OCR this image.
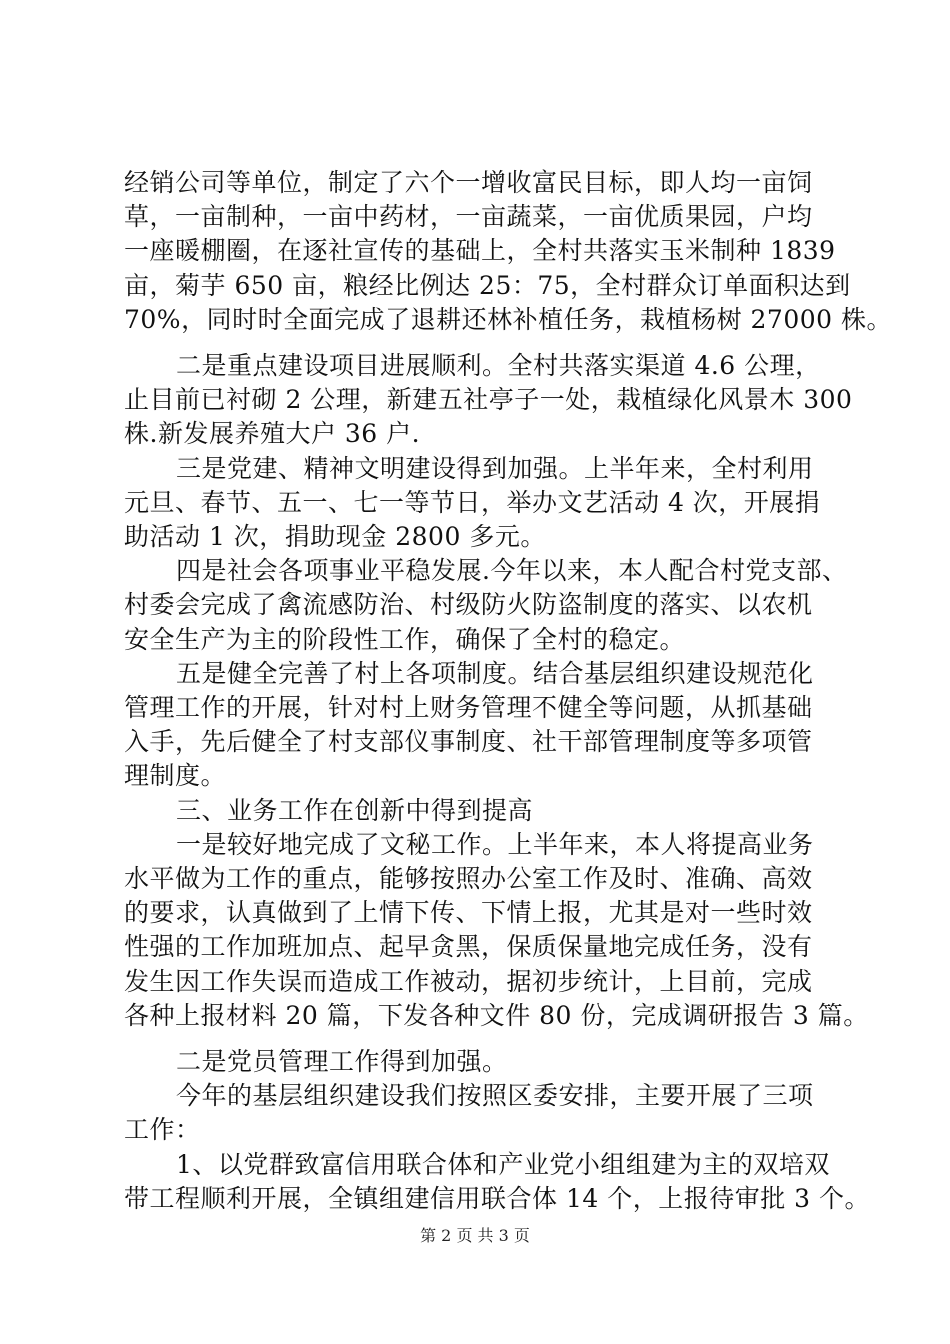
经销公司等单位，制定了六个一增收富民目标，即人均一亩饲
草，一亩制种，一亩中药材，一亩蔬菜，一亩优质果园，户均
一座暖棚圈，在逐社宣传的基础上，全村共落实玉米制种 1839
亩，菊芋 650 亩，粮经比例达 25：75，全村群众订单面积达到
70%，同时时全面完成了退耕还林补植任务，栽植杨树 27000 株。
二是重点建设项目进展顺利。全村共落实渠道 4.6 公理，
止目前已衬砌 2 公理，新建五社亭子一处，栽植绿化风景木 300
株.新发展养殖大户 36 户.
三是党建、精神文明建设得到加强。上半年来，全村利用
元旦、春节、五一、七一等节日，举办文艺活动 4 次，开展捐
助活动 1 次，捐助现金 2800 多元。
四是社会各项事业平稳发展.今年以来，本人配合村党支部、
村委会完成了禽流感防治、村级防火防盗制度的落实、以农机
安全生产为主的阶段性工作，确保了全村的稳定。
五是健全完善了村上各项制度。结合基层组织建设规范化
管理工作的开展，针对村上财务管理不健全等问题，从抓基础
入手，先后健全了村支部仪事制度、社干部管理制度等多项管
理制度。
三、业务工作在创新中得到提高
一是较好地完成了文秘工作。上半年来，本人将提高业务
水平做为工作的重点，能够按照办公室工作及时、准确、高效
的要求，认真做到了上情下传、下情上报，尤其是对一些时效
性强的工作加班加点、起早贪黑，保质保量地完成任务，没有
发生因工作失误而造成工作被动，据初步统计，上目前，完成
各种上报材料 20 篇，下发各种文件 80 份，完成调研报告 3 篇。
二是党员管理工作得到加强。
今年的基层组织建设我们按照区委安排，主要开展了三项
工作：
1、以党群致富信用联合体和产业党小组组建为主的双培双
带工程顺利开展，全镇组建信用联合体 14 个，上报待审批 3 个。
第 2 页 共 3 页
